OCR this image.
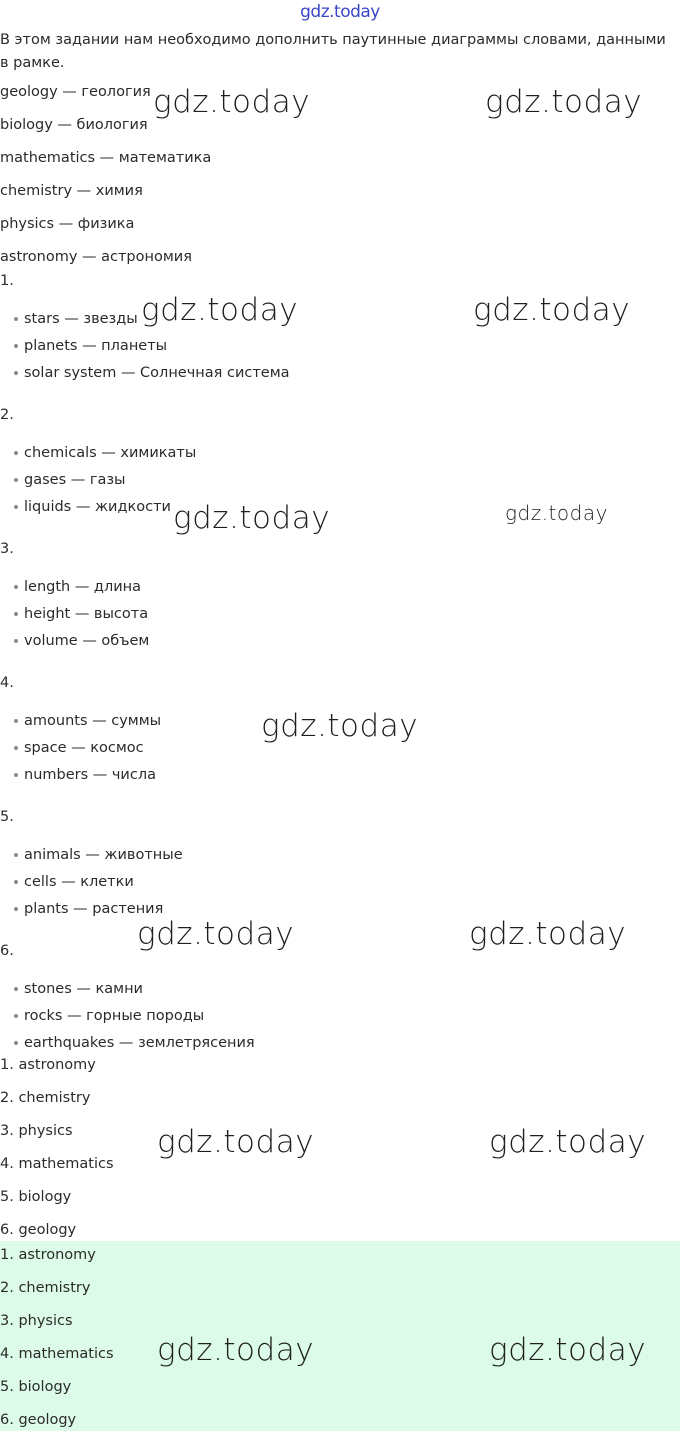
gdz.today
В этом задании нам необходимо дополнить паутинные диаграммы словами, данными в рамке.
geology — геология
biology — биология
mathematics — математика
chemistry — химия
physics — физика
astronomy — астрономия
1.
stars — звезды
planets — планеты
solar system — Солнечная система
2.
chemicals — химикаты
gases — газы
liquids — жидкости
3.
length — длина
height — высота
volume — объем
4.
amounts — суммы
space — космос
numbers — числа
5.
animals — животные
cells — клетки
plants — растения
6.
stones — камни
rocks — горные породы
earthquakes — землетрясения
1. astronomy
2. chemistry
3. physics
4. mathematics
5. biology
6. geology
1. astronomy
2. chemistry
3. physics
4. mathematics
5. biology
6. geology
gdz.today	gdz.today
gdz.today	gdz.today
gdz.today	gdz.today
gdz.today
gdz.today	gdz.today
gdz.today	gdz.today
gdz.today	gdz.today
